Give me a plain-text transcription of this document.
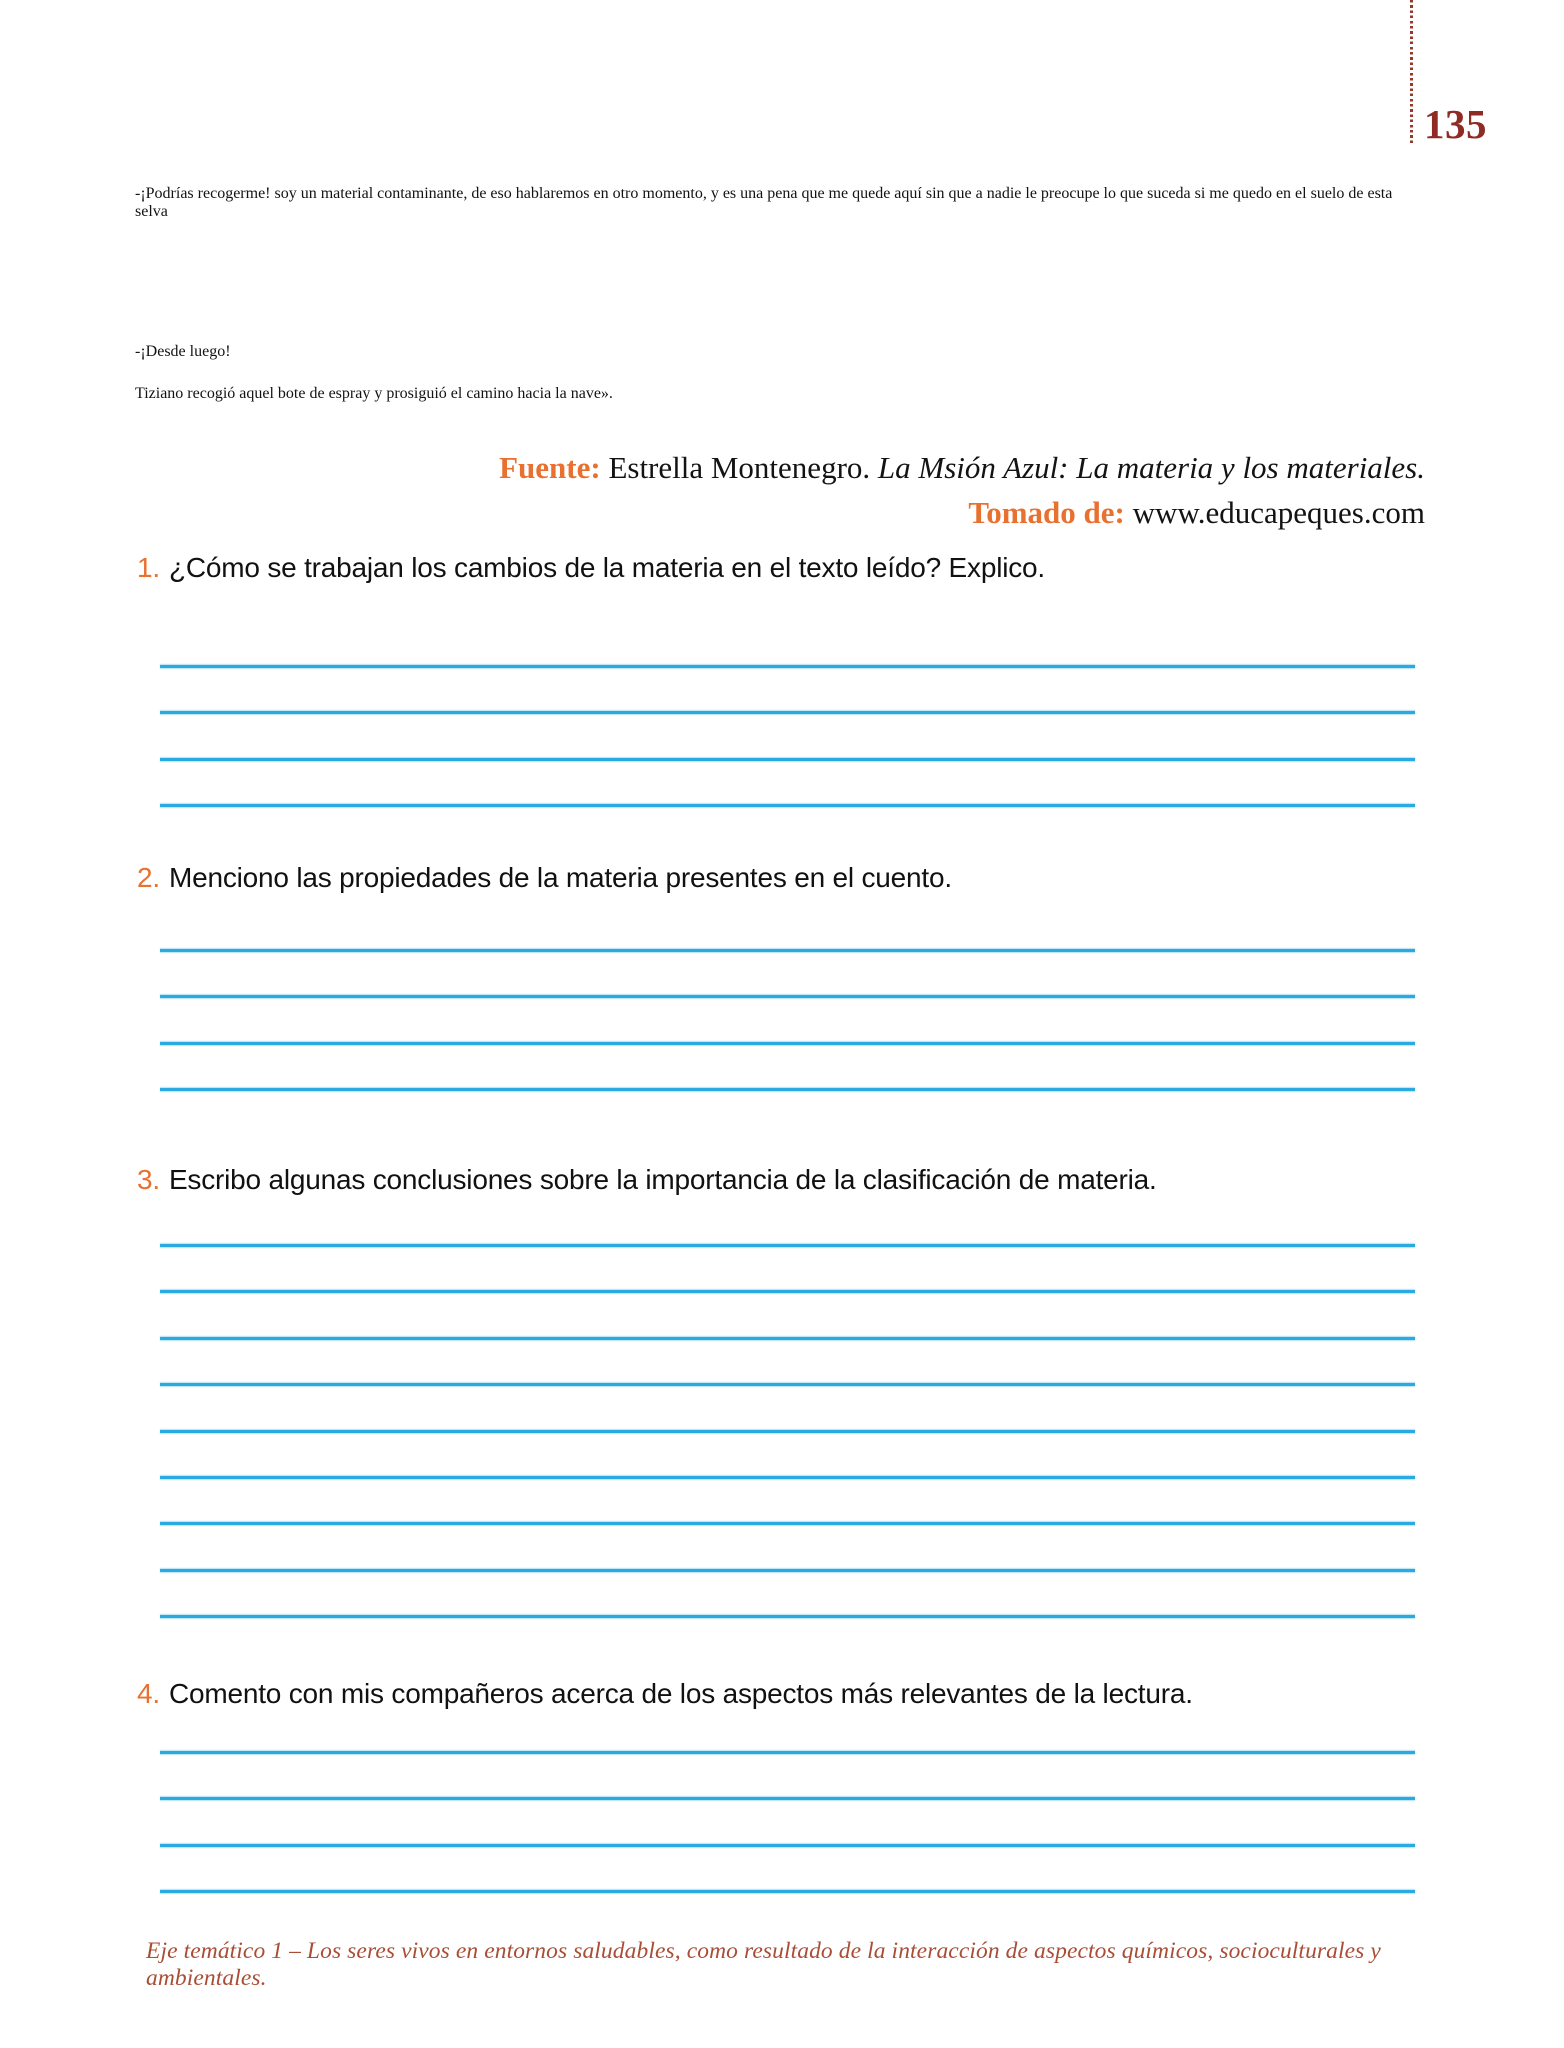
135

-¡Podrías recogerme! soy un material contaminante, de eso hablaremos en otro momento, y es una pena que me quede aquí sin que a nadie le preocupe lo que suceda si me quedo en el suelo de esta selva

-¡Desde luego!

Tiziano recogió aquel bote de espray y prosiguió el camino hacia la nave».

Fuente: Estrella Montenegro. La Msión Azul: La materia y los materiales.
Tomado de: www.educapeques.com
1. ¿Cómo se trabajan los cambios de la materia en el texto leído? Explico.
2. Menciono las propiedades de la materia presentes en el cuento.
3. Escribo algunas conclusiones sobre la importancia de la clasificación de materia.
4. Comento con mis compañeros acerca de los aspectos más relevantes de la lectura.
Eje temático 1 – Los seres vivos en entornos saludables, como resultado de la interacción de aspectos químicos, socioculturales y ambientales.
